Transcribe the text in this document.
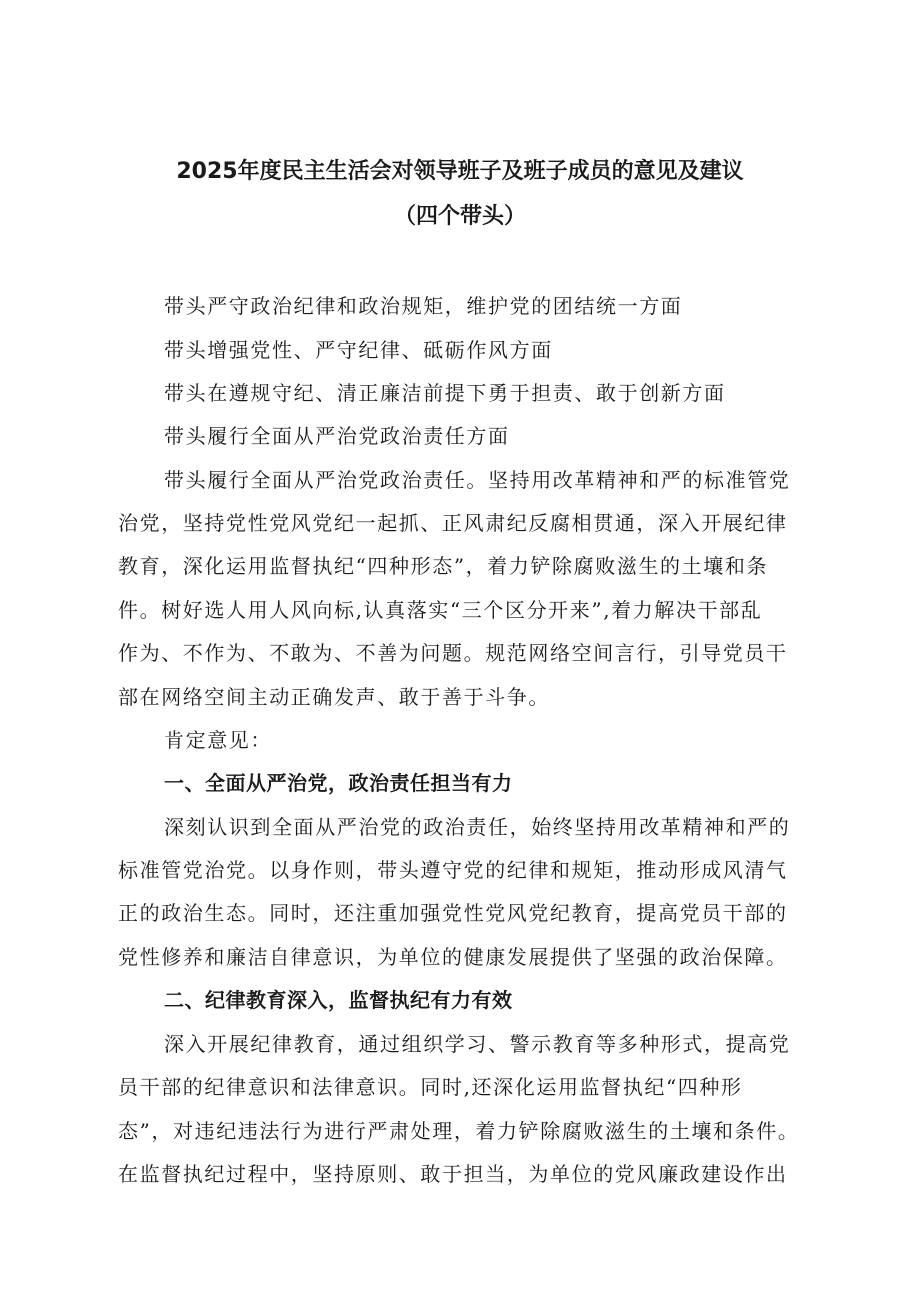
2025年度民主生活会对领导班子及班子成员的意见及建议
（四个带头）
带头严守政治纪律和政治规矩，维护党的团结统一方面
带头增强党性、严守纪律、砥砺作风方面
带头在遵规守纪、清正廉洁前提下勇于担责、敢于创新方面
带头履行全面从严治党政治责任方面
带头履行全面从严治党政治责任。坚持用改革精神和严的标准管党
治党，坚持党性党风党纪一起抓、正风肃纪反腐相贯通，深入开展纪律
教育，深化运用监督执纪“四种形态”，着力铲除腐败滋生的土壤和条
件。树好选人用人风向标,认真落实“三个区分开来”,着力解决干部乱
作为、不作为、不敢为、不善为问题。规范网络空间言行，引导党员干
部在网络空间主动正确发声、敢于善于斗争。
肯定意见：
一、全面从严治党，政治责任担当有力
深刻认识到全面从严治党的政治责任，始终坚持用改革精神和严的
标准管党治党。以身作则，带头遵守党的纪律和规矩，推动形成风清气
正的政治生态。同时，还注重加强党性党风党纪教育，提高党员干部的
党性修养和廉洁自律意识，为单位的健康发展提供了坚强的政治保障。
二、纪律教育深入，监督执纪有力有效
深入开展纪律教育，通过组织学习、警示教育等多种形式，提高党
员干部的纪律意识和法律意识。同时,还深化运用监督执纪“四种形
态”，对违纪违法行为进行严肃处理，着力铲除腐败滋生的土壤和条件。
在监督执纪过程中，坚持原则、敢于担当，为单位的党风廉政建设作出
